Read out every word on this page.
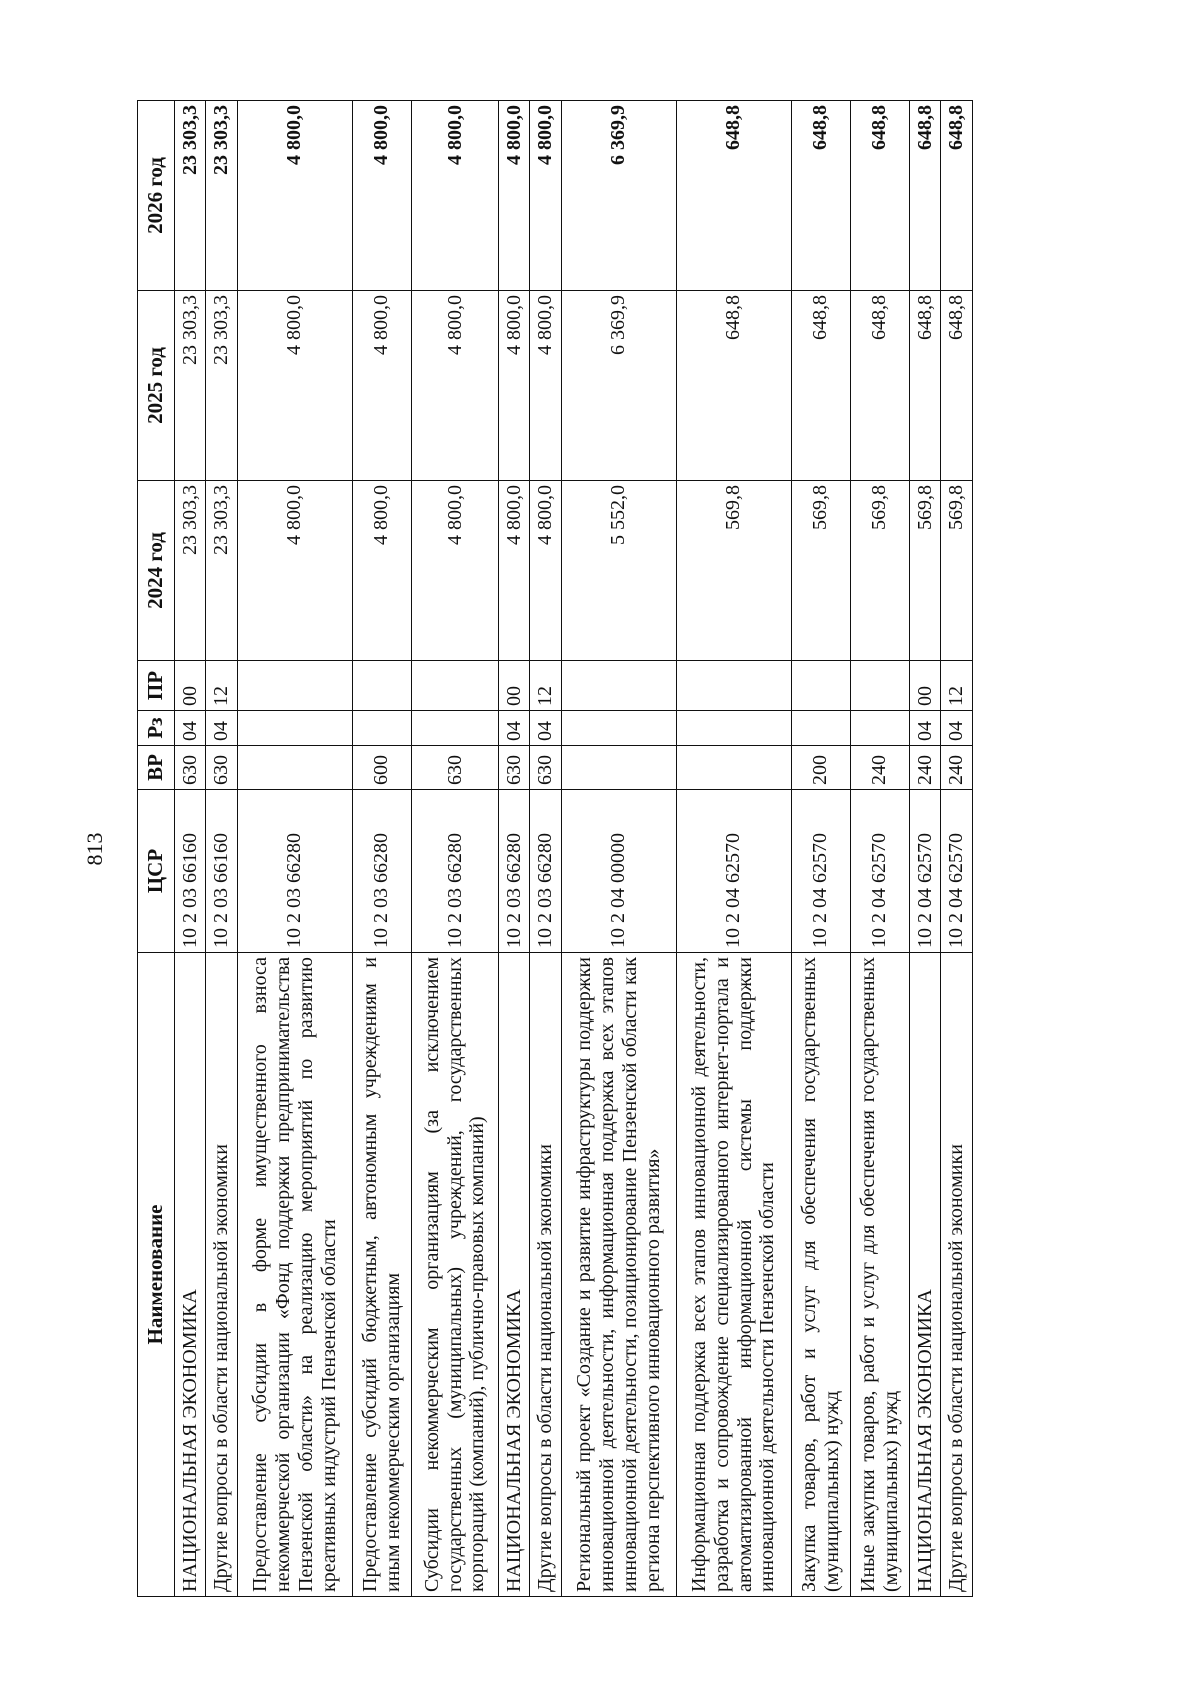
813
Наименование	ЦСР	ВР	Рз	ПР	2024 год	2025 год	2026 год
НАЦИОНАЛЬНАЯ ЭКОНОМИКА	10 2 03 66160	630	04	00	23 303,3	23 303,3	23 303,3
Другие вопросы в области национальной экономики	10 2 03 66160	630	04	12	23 303,3	23 303,3	23 303,3
Предоставление субсидии в форме имущественного взноса некоммерческой организации «Фонд поддержки предпринимательства Пензенской области» на реализацию мероприятий по развитию креативных индустрий Пензенской области	10 2 03 66280				4 800,0	4 800,0	4 800,0
Предоставление субсидий бюджетным, автономным учреждениям и иным некоммерческим организациям	10 2 03 66280	600			4 800,0	4 800,0	4 800,0
Субсидии некоммерческим организациям (за исключением государственных (муниципальных) учреждений, государственных корпораций (компаний), публично-правовых компаний)	10 2 03 66280	630			4 800,0	4 800,0	4 800,0
НАЦИОНАЛЬНАЯ ЭКОНОМИКА	10 2 03 66280	630	04	00	4 800,0	4 800,0	4 800,0
Другие вопросы в области национальной экономики	10 2 03 66280	630	04	12	4 800,0	4 800,0	4 800,0
Региональный проект «Создание и развитие инфраструктуры поддержки инновационной деятельности, информационная поддержка всех этапов инновационной деятельности, позиционирование Пензенской области как региона перспективного инновационного развития»	10 2 04 00000				5 552,0	6 369,9	6 369,9
Информационная поддержка всех этапов инновационной деятельности, разработка и сопровождение специализированного интернет-портала и автоматизированной информационной системы поддержки инновационной деятельности Пензенской области	10 2 04 62570				569,8	648,8	648,8
Закупка товаров, работ и услуг для обеспечения государственных (муниципальных) нужд	10 2 04 62570	200			569,8	648,8	648,8
Иные закупки товаров, работ и услуг для обеспечения государственных (муниципальных) нужд	10 2 04 62570	240			569,8	648,8	648,8
НАЦИОНАЛЬНАЯ ЭКОНОМИКА	10 2 04 62570	240	04	00	569,8	648,8	648,8
Другие вопросы в области национальной экономики	10 2 04 62570	240	04	12	569,8	648,8	648,8
